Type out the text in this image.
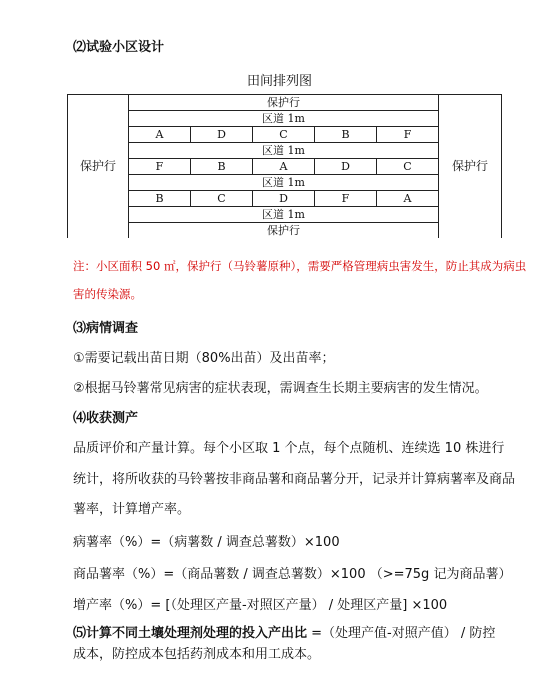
⑵试验小区设计
田间排列图
保护行	保护行					保护行
	区道 1m					
	A	D	C	B	F	
	区道 1m					
	F	B	A	D	C	
	区道 1m					
	B	C	D	F	A	
	区道 1m					
	保护行					
注：小区面积 50 ㎡，保护行（马铃薯原种），需要严格管理病虫害发生，防止其成为病虫
害的传染源。
⑶病情调查
①需要记载出苗日期（80%出苗）及出苗率；
②根据马铃薯常见病害的症状表现，需调查生长期主要病害的发生情况。
⑷收获测产
品质评价和产量计算。每个小区取 1 个点，每个点随机、连续选 10 株进行
统计，将所收获的马铃薯按非商品薯和商品薯分开，记录并计算病薯率及商品
薯率，计算增产率。
病薯率（%）=（病薯数 / 调查总薯数）×100
商品薯率（%）=（商品薯数 / 调查总薯数）×100 （>=75g 记为商品薯）
增产率（%）= [（处理区产量-对照区产量） / 处理区产量] ×100
⑸计算不同土壤处理剂处理的投入产出比 =（处理产值-对照产值） / 防控
成本，防控成本包括药剂成本和用工成本。
